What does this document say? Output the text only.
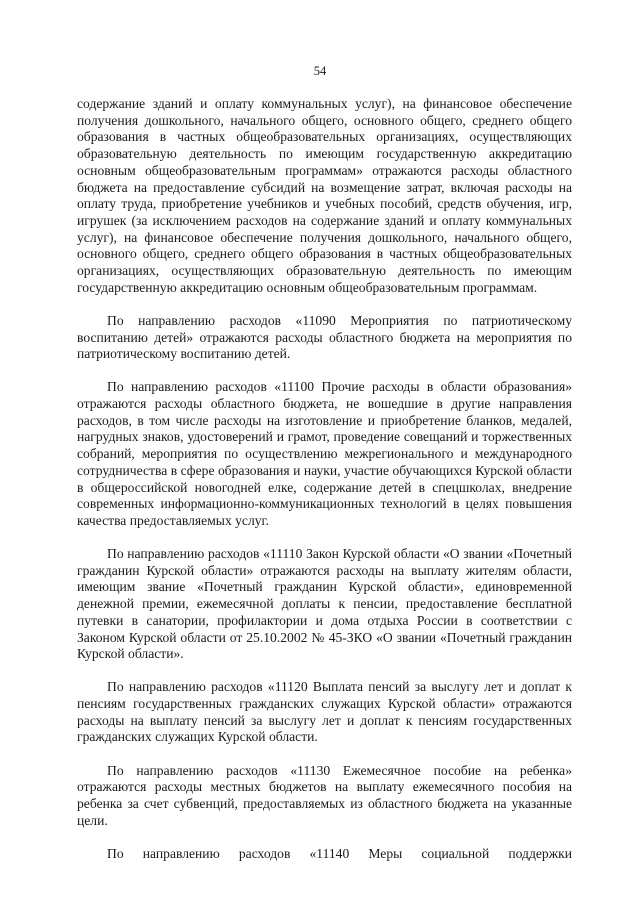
54

содержание зданий и оплату коммунальных услуг), на финансовое обеспечение получения дошкольного, начального общего, основного общего, среднего общего образования в частных общеобразовательных организациях, осуществляющих образовательную деятельность по имеющим государственную аккредитацию основным общеобразовательным программам» отражаются расходы областного бюджета на предоставление субсидий на возмещение затрат, включая расходы на оплату труда, приобретение учебников и учебных пособий, средств обучения, игр, игрушек (за исключением расходов на содержание зданий и оплату коммунальных услуг), на финансовое обеспечение получения дошкольного, начального общего, основного общего, среднего общего образования в частных общеобразовательных организациях, осуществляющих образовательную деятельность по имеющим государственную аккредитацию основным общеобразовательным программам.

По направлению расходов «11090 Мероприятия по патриотическому воспитанию детей» отражаются расходы областного бюджета на мероприятия по патриотическому воспитанию детей.

По направлению расходов «11100 Прочие расходы в области образования» отражаются расходы областного бюджета, не вошедшие в другие направления расходов, в том числе расходы на изготовление и приобретение бланков, медалей, нагрудных знаков, удостоверений и грамот, проведение совещаний и торжественных собраний, мероприятия по осуществлению межрегионального и международного сотрудничества в сфере образования и науки, участие обучающихся Курской области в общероссийской новогодней елке, содержание детей в спецшколах, внедрение современных информационно-коммуникационных технологий в целях повышения качества предоставляемых услуг.

По направлению расходов «11110 Закон Курской области «О звании «Почетный гражданин Курской области» отражаются расходы на выплату жителям области, имеющим звание «Почетный гражданин Курской области», единовременной денежной премии, ежемесячной доплаты к пенсии, предоставление бесплатной путевки в санатории, профилактории и дома отдыха России в соответствии с Законом Курской области от 25.10.2002 № 45-ЗКО «О звании «Почетный гражданин Курской области».

По направлению расходов «11120 Выплата пенсий за выслугу лет и доплат к пенсиям государственных гражданских служащих Курской области» отражаются расходы на выплату пенсий за выслугу лет и доплат к пенсиям государственных гражданских служащих Курской области.

По направлению расходов «11130 Ежемесячное пособие на ребенка» отражаются расходы местных бюджетов на выплату ежемесячного пособия на ребенка за счет субвенций, предоставляемых из областного бюджета на указанные цели.

По направлению расходов «11140 Меры социальной поддержки
